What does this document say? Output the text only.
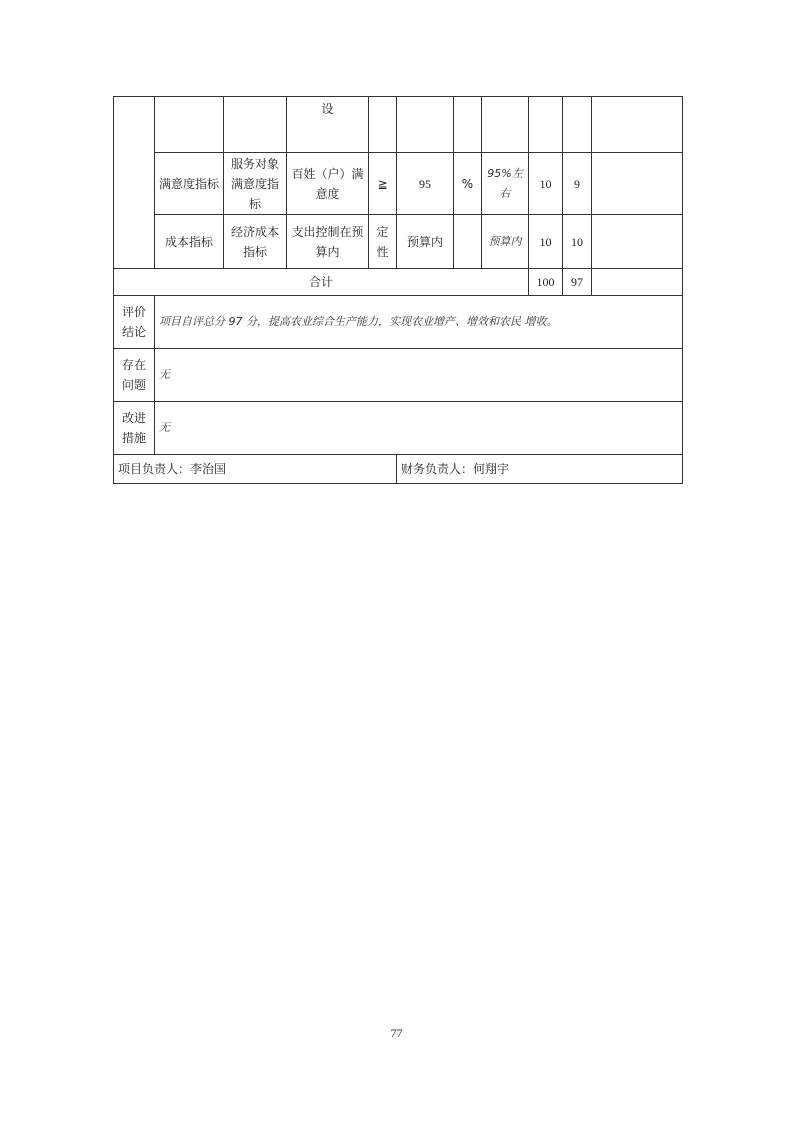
			设							
	满意度指标	服务对象满意度指标	百姓（户）满意度	≧	95	%	95%左右	10	9	
	成本指标	经济成本指标	支出控制在预算内	定性	预算内		预算内	10	10	
合计								100	97	
评价结论	项目自评总分 97 分，提高农业综合生产能力，实现农业增产、增效和农民 增收。									
存在问题	无									
改进措施	无									
项目负责人：李治国					财务负责人：何翔宇					
77
